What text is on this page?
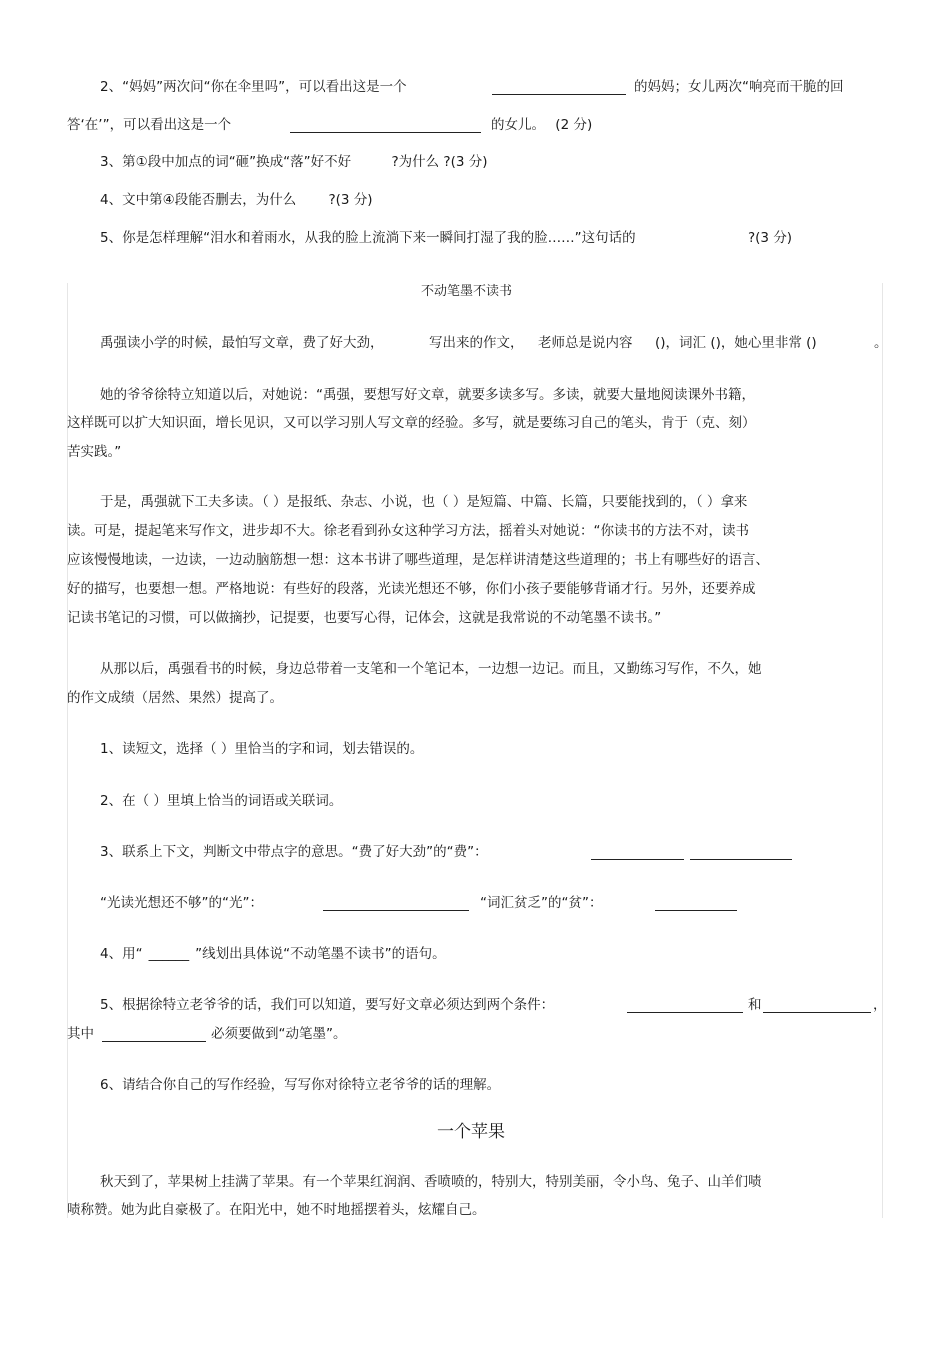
2、“妈妈”两次问“你在伞里吗”，可以看出这是一个	的妈妈；女儿两次“响亮而干脆的回
答‘在’”，可以看出这是一个	的女儿。 (2 分)
3、第①段中加点的词“砸”换成“落”好不好	?为什么 ?(3 分)
4、文中第④段能否删去，为什么 ?(3 分)
5、你是怎样理解“泪水和着雨水，从我的脸上流淌下来一瞬间打湿了我的脸……”这句话的	?(3 分)
不动笔墨不读书
禹强读小学的时候，最怕写文章，费了好大劲，	写出来的作文， 老师总是说内容 ()，词汇 ()，她心里非常 ()	。
她的爷爷徐特立知道以后，对她说：“禹强，要想写好文章，就要多读多写。多读，就要大量地阅读课外书籍，
这样既可以扩大知识面，增长见识，又可以学习别人写文章的经验。多写，就是要练习自己的笔头，肯于（克、刻）
苦实践。”
于是，禹强就下工夫多读。（ ）是报纸、杂志、小说，也（ ）是短篇、中篇、长篇，只要能找到的，（ ）拿来
读。可是，提起笔来写作文，进步却不大。徐老看到孙女这种学习方法，摇着头对她说：“你读书的方法不对，读书
应该慢慢地读，一边读，一边动脑筋想一想：这本书讲了哪些道理，是怎样讲清楚这些道理的；书上有哪些好的语言、
好的描写，也要想一想。严格地说：有些好的段落，光读光想还不够，你们小孩子要能够背诵才行。另外，还要养成
记读书笔记的习惯，可以做摘抄，记提要，也要写心得，记体会，这就是我常说的不动笔墨不读书。”
从那以后，禹强看书的时候，身边总带着一支笔和一个笔记本，一边想一边记。而且，又勤练习写作，不久，她
的作文成绩（居然、果然）提高了。
1、读短文，选择（ ）里恰当的字和词，划去错误的。
2、在（ ）里填上恰当的词语或关联词。
3、联系上下文，判断文中带点字的意思。“费了好大劲”的“费”：
“光读光想还不够”的“光”：	“词汇贫乏”的“贫”：
4、用“ ______ ”线划出具体说“不动笔墨不读书”的语句。
5、根据徐特立老爷爷的话，我们可以知道，要写好文章必须达到两个条件：	和	，
其中	必须要做到“动笔墨”。
6、请结合你自己的写作经验，写写你对徐特立老爷爷的话的理解。
一个苹果
秋天到了，苹果树上挂满了苹果。有一个苹果红润润、香喷喷的，特别大，特别美丽，令小鸟、兔子、山羊们啧
啧称赞。她为此自豪极了。在阳光中，她不时地摇摆着头，炫耀自己。
